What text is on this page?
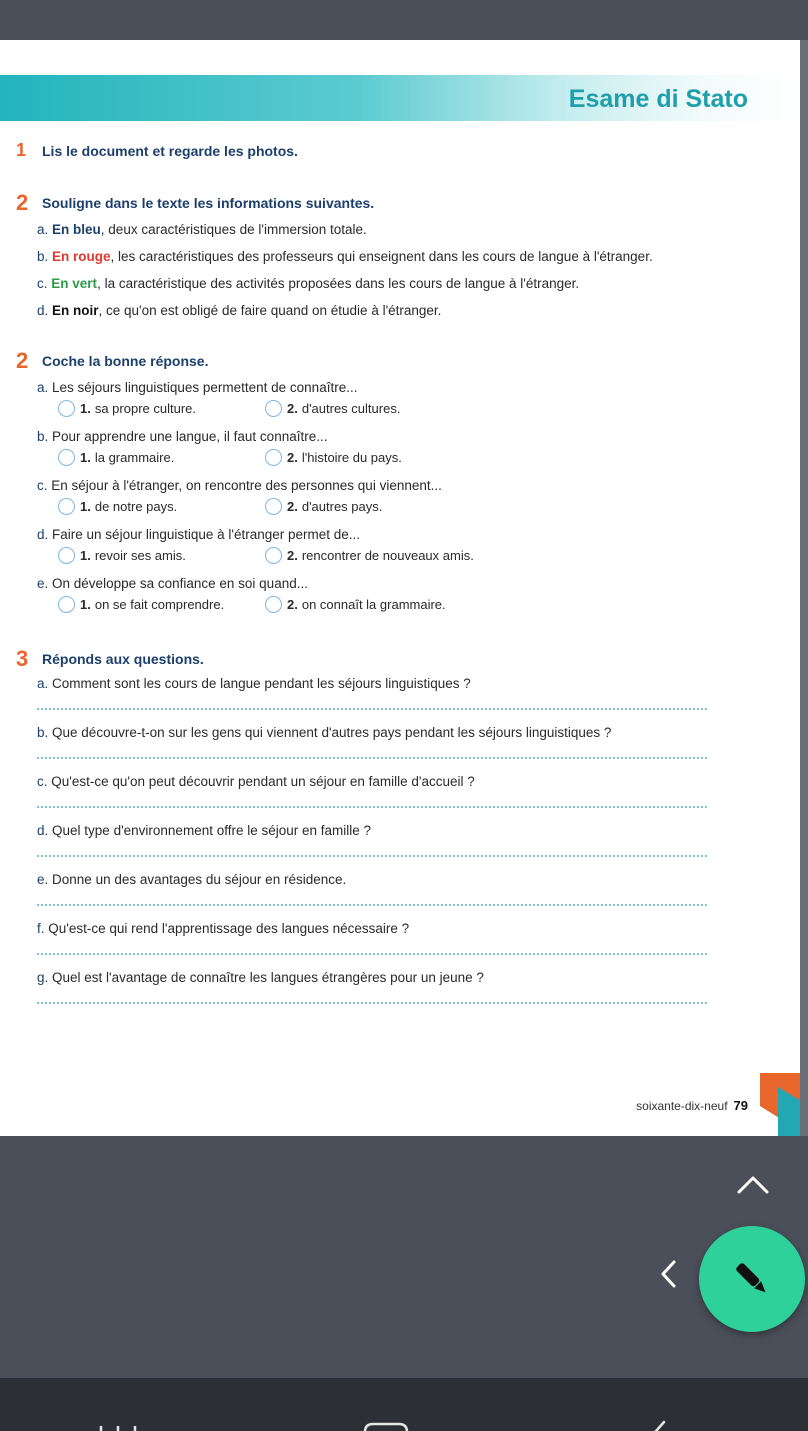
Esame di Stato
1	Lis le document et regarde les photos.
2 Souligne dans le texte les informations suivantes.
a. En bleu, deux caractéristiques de l'immersion totale.
b. En rouge, les caractéristiques des professeurs qui enseignent dans les cours de langue à l'étranger.
c. En vert, la caractéristique des activités proposées dans les cours de langue à l'étranger.
d. En noir, ce qu'on est obligé de faire quand on étudie à l'étranger.
2 Coche la bonne réponse.
a. Les séjours linguistiques permettent de connaître...
1. sa propre culture.	2. d'autres cultures.
b. Pour apprendre une langue, il faut connaître...
1. la grammaire.	2. l'histoire du pays.
c. En séjour à l'étranger, on rencontre des personnes qui viennent...
1. de notre pays.	2. d'autres pays.
d. Faire un séjour linguistique à l'étranger permet de...
1. revoir ses amis.	2. rencontrer de nouveaux amis.
e. On développe sa confiance en soi quand...
1. on se fait comprendre.	2. on connaît la grammaire.
3 Réponds aux questions.
a. Comment sont les cours de langue pendant les séjours linguistiques ?
b. Que découvre-t-on sur les gens qui viennent d'autres pays pendant les séjours linguistiques ?
c. Qu'est-ce qu'on peut découvrir pendant un séjour en famille d'accueil ?
d. Quel type d'environnement offre le séjour en famille ?
e. Donne un des avantages du séjour en résidence.
f. Qu'est-ce qui rend l'apprentissage des langues nécessaire ?
g. Quel est l'avantage de connaître les langues étrangères pour un jeune ?
soixante-dix-neuf 79
